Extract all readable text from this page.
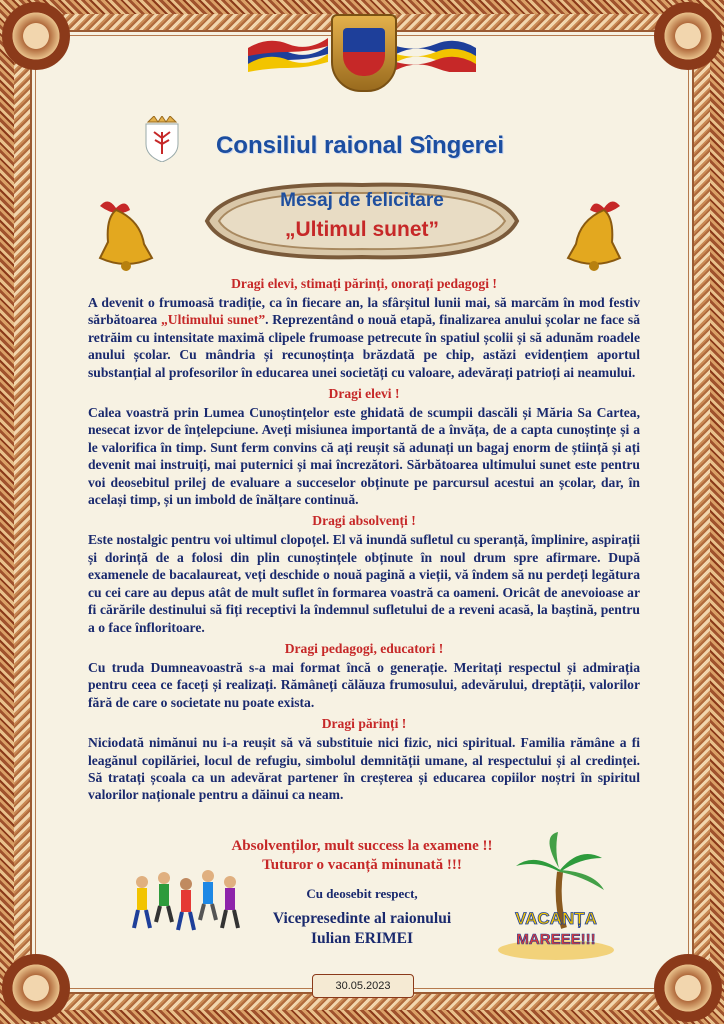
Consiliul raional Sîngerei
Mesaj de felicitare
„Ultimul sunet”
Dragi elevi, stimați părinți, onorați pedagogi !

A devenit o frumoasă tradiție, ca în fiecare an, la sfârșitul lunii mai, să marcăm în mod festiv sărbătoarea „Ultimului sunet”. Reprezentând o nouă etapă, finalizarea anului școlar ne face să retrăim cu intensitate maximă clipele frumoase petrecute în spatiul școlii și să adunăm roadele anului școlar. Cu mândria și recunoștința brăzdată pe chip, astăzi evidențiem aportul substanțial al profesorilor în educarea unei societăți cu valoare, adevărați patrioți ai neamului.

Dragi elevi !

Calea voastră prin Lumea Cunoștințelor este ghidată de scumpii dascăli și Măria Sa Cartea, nesecat izvor de înțelepciune. Aveți misiunea importantă de a învăța, de a capta cunoștințe și a le valorifica în timp. Sunt ferm convins că ați reușit să adunați un bagaj enorm de știință și ați devenit mai instruiți, mai puternici și mai încrezători. Sărbătoarea ultimului sunet este pentru voi deosebitul prilej de evaluare a succeselor obținute pe parcursul acestui an școlar, dar, în același timp, și un imbold de înălțare continuă.

Dragi absolvenți !

Este nostalgic pentru voi ultimul clopoțel. El vă inundă sufletul cu speranță, împlinire, aspirații și dorință de a folosi din plin cunoștințele obținute în noul drum spre afirmare. După examenele de bacalaureat, veți deschide o nouă pagină a vieții, vă îndem să nu perdeți legătura cu cei care au depus atât de mult suflet în formarea voastră ca oameni. Oricât de anevoioase ar fi cărările destinului să fiți receptivi la îndemnul sufletului de a reveni acasă, la baștină, pentru a o face înfloritoare.

Dragi pedagogi, educatori !

Cu truda Dumneavoastră s-a mai format încă o generație. Meritați respectul și admirația pentru ceea ce faceți și realizați. Rămâneți călăuza frumosului, adevărului, dreptății, valorilor fără de care o societate nu poate exista.

Dragi părinți !

Niciodată nimănui nu i-a reușit să vă substituie nici fizic, nici spiritual. Familia rămâne a fi leagănul copilăriei, locul de refugiu, simbolul demnității umane, al respectului și al credinței. Să tratați școala ca un adevărat partener în creșterea și educarea copiilor noștri în spiritul valorilor naționale pentru a dăinui ca neam.

Absolvenților, mult success la examene !!
Tuturor o vacanță minunată !!!
Cu deosebit respect,
Vicepresedinte al raionului
Iulian ERIMEI
30.05.2023
VACANȚA
MAREEE!!!
